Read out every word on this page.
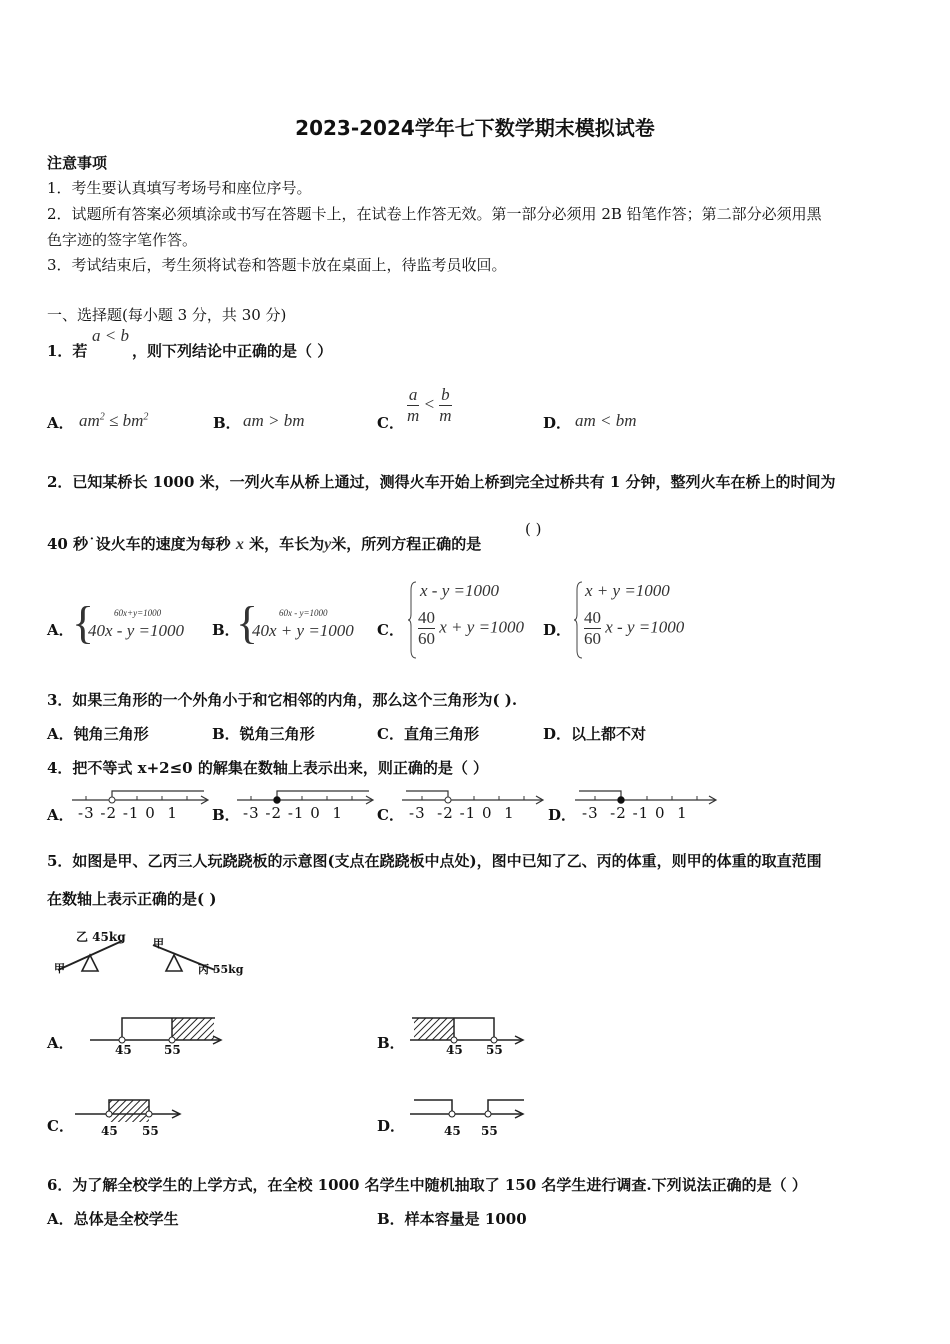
2023-2024学年七下数学期末模拟试卷
注意事项
1．考生要认真填写考场号和座位序号。
2．试题所有答案必须填涂或书写在答题卡上，在试卷上作答无效。第一部分必须用 2B 铅笔作答；第二部分必须用黑
色字迹的签字笔作答。
3．考试结束后，考生须将试卷和答题卡放在桌面上，待监考员收回。
一、选择题(每小题 3 分，共 30 分)
1．若
a < b
，则下列结论中正确的是（ ）
A． $am^2 \le bm^2$	B． am > bm	C． $\frac{a}{m} < \frac{b}{m}$	D． am < bm
2．已知某桥长 1000 米，一列火车从桥上通过，测得火车开始上桥到完全过桥共有 1 分钟，整列火车在桥上的时间为
40 秒˙设火车的速度为每秒 x 米，车长为y米，所列方程正确的是
( )
A．
{ 60x+y=1000
40x - y =1000 B．
{ 60x - y=1000
40x + y =1000 C．
x - y =1000
$\frac{40}{60}$ x + y =1000 D．
x + y =1000
$\frac{40}{60}$ x - y =1000
3．如果三角形的一个外角小于和它相邻的内角，那么这个三角形为( ).
A．钝角三角形	B．锐角三角形	C．直角三角形	D．以上都不对
4．把不等式 x+2≤0 的解集在数轴上表示出来，则正确的是（ ）
A． -3 -2 -1 0 1 B． -3 -2 -1 0 1 C． -3 -2 -1 0 1 D． -3 -2 -1 0 1
5．如图是甲、乙丙三人玩跷跷板的示意图(支点在跷跷板中点处)，图中已知了乙、丙的体重，则甲的体重的取直范围
在数轴上表示正确的是( )
乙 45kg
甲
甲
丙 55kg
A．	45	55	B．	45 55
C． 45 55	D．	45 55
6．为了解全校学生的上学方式，在全校 1000 名学生中随机抽取了 150 名学生进行调查.下列说法正确的是（ ）
A．总体是全校学生	B．样本容量是 1000
